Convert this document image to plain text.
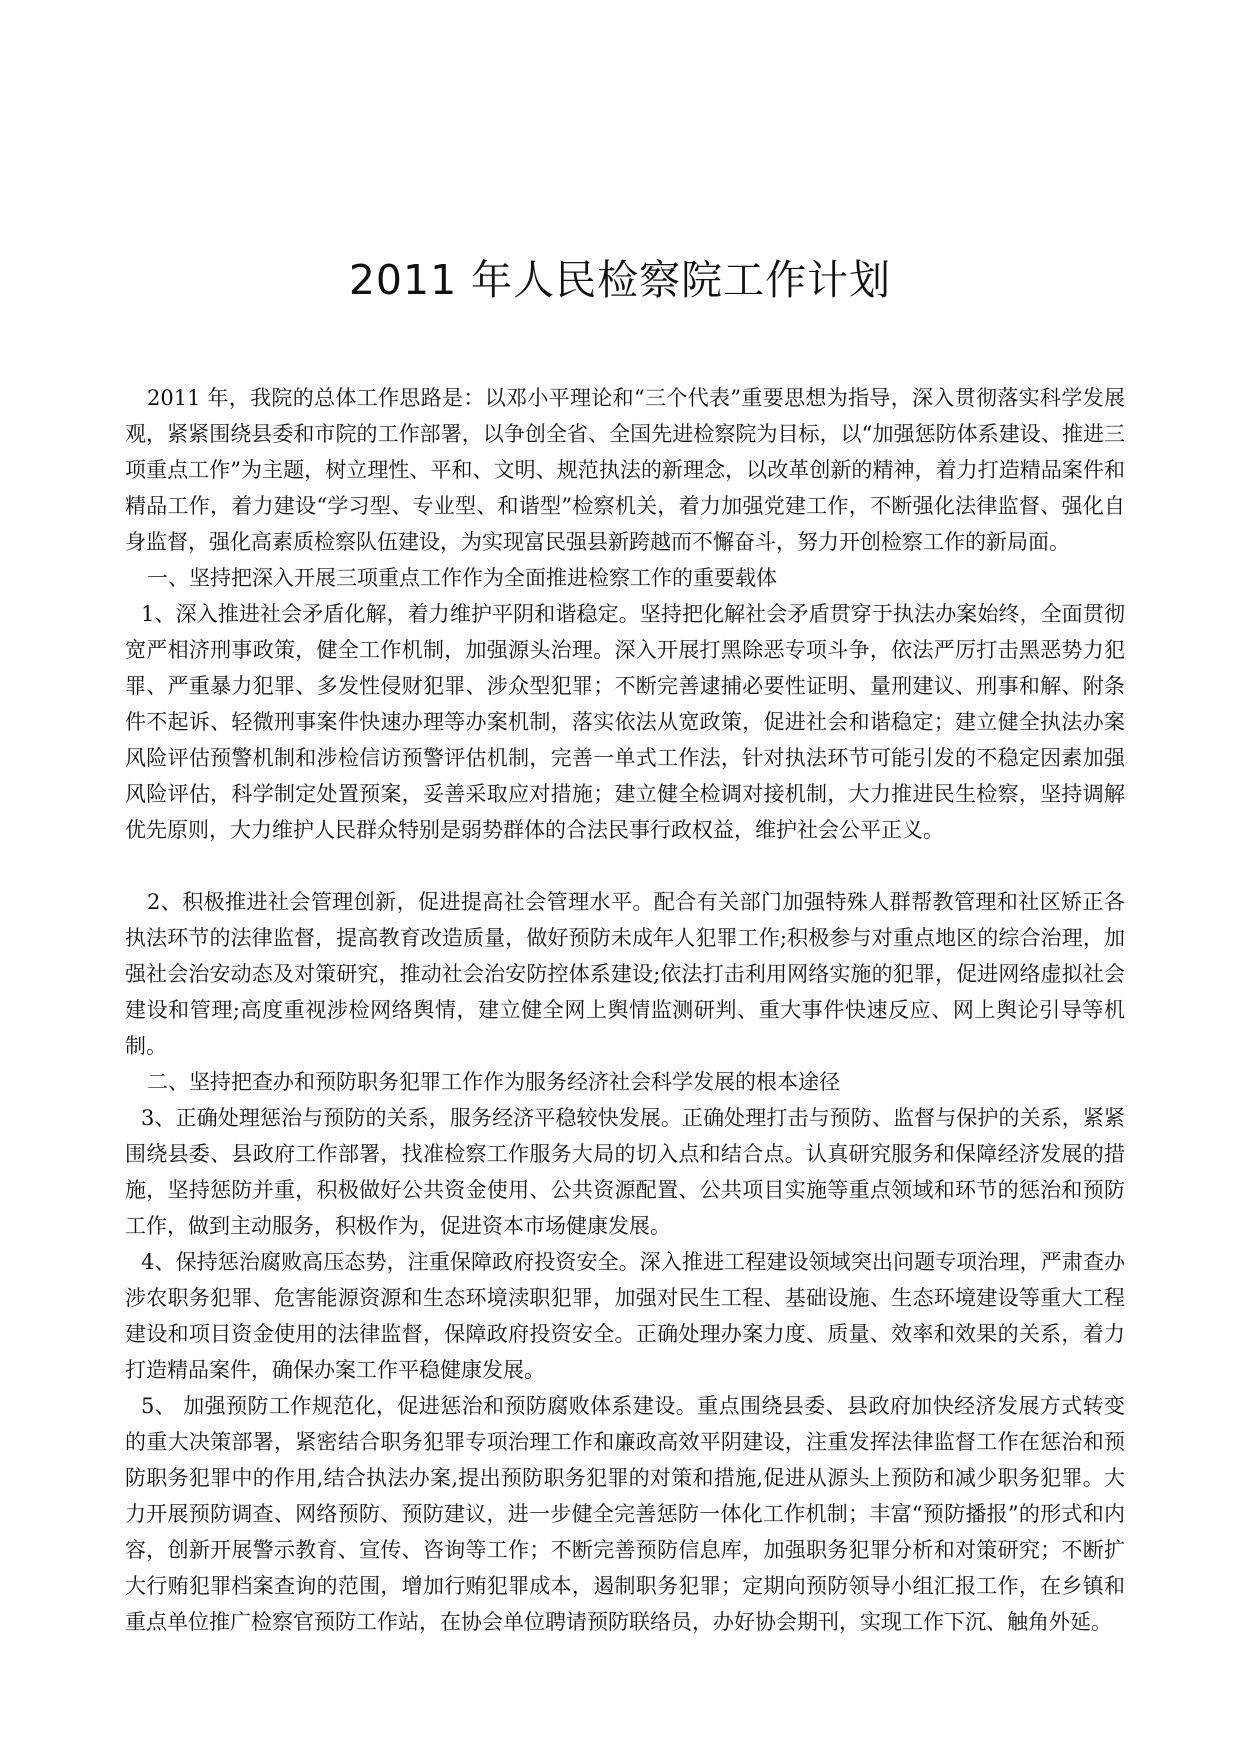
2011 年人民检察院工作计划

2011 年，我院的总体工作思路是：以邓小平理论和“三个代表”重要思想为指导，深入贯彻落实科学发展观，紧紧围绕县委和市院的工作部署，以争创全省、全国先进检察院为目标，以“加强惩防体系建设、推进三项重点工作”为主题，树立理性、平和、文明、规范执法的新理念，以改革创新的精神，着力打造精品案件和精品工作，着力建设“学习型、专业型、和谐型”检察机关，着力加强党建工作，不断强化法律监督、强化自身监督，强化高素质检察队伍建设，为实现富民强县新跨越而不懈奋斗，努力开创检察工作的新局面。

一、坚持把深入开展三项重点工作作为全面推进检察工作的重要载体

1、深入推进社会矛盾化解，着力维护平阴和谐稳定。坚持把化解社会矛盾贯穿于执法办案始终，全面贯彻宽严相济刑事政策，健全工作机制，加强源头治理。深入开展打黑除恶专项斗争，依法严厉打击黑恶势力犯罪、严重暴力犯罪、多发性侵财犯罪、涉众型犯罪；不断完善逮捕必要性证明、量刑建议、刑事和解、附条件不起诉、轻微刑事案件快速办理等办案机制，落实依法从宽政策，促进社会和谐稳定；建立健全执法办案风险评估预警机制和涉检信访预警评估机制，完善一单式工作法，针对执法环节可能引发的不稳定因素加强风险评估，科学制定处置预案，妥善采取应对措施；建立健全检调对接机制，大力推进民生检察，坚持调解优先原则，大力维护人民群众特别是弱势群体的合法民事行政权益，维护社会公平正义。

2、积极推进社会管理创新，促进提高社会管理水平。配合有关部门加强特殊人群帮教管理和社区矫正各执法环节的法律监督，提高教育改造质量，做好预防未成年人犯罪工作;积极参与对重点地区的综合治理，加强社会治安动态及对策研究，推动社会治安防控体系建设;依法打击利用网络实施的犯罪，促进网络虚拟社会建设和管理;高度重视涉检网络舆情，建立健全网上舆情监测研判、重大事件快速反应、网上舆论引导等机制。

二、坚持把查办和预防职务犯罪工作作为服务经济社会科学发展的根本途径

3、正确处理惩治与预防的关系，服务经济平稳较快发展。正确处理打击与预防、监督与保护的关系，紧紧围绕县委、县政府工作部署，找准检察工作服务大局的切入点和结合点。认真研究服务和保障经济发展的措施，坚持惩防并重，积极做好公共资金使用、公共资源配置、公共项目实施等重点领域和环节的惩治和预防工作，做到主动服务，积极作为，促进资本市场健康发展。

4、保持惩治腐败高压态势，注重保障政府投资安全。深入推进工程建设领域突出问题专项治理，严肃查办涉农职务犯罪、危害能源资源和生态环境渎职犯罪，加强对民生工程、基础设施、生态环境建设等重大工程建设和项目资金使用的法律监督，保障政府投资安全。正确处理办案力度、质量、效率和效果的关系，着力打造精品案件，确保办案工作平稳健康发展。

5、 加强预防工作规范化，促进惩治和预防腐败体系建设。重点围绕县委、县政府加快经济发展方式转变的重大决策部署，紧密结合职务犯罪专项治理工作和廉政高效平阴建设，注重发挥法律监督工作在惩治和预防职务犯罪中的作用,结合执法办案,提出预防职务犯罪的对策和措施,促进从源头上预防和减少职务犯罪。大力开展预防调查、网络预防、预防建议，进一步健全完善惩防一体化工作机制；丰富“预防播报”的形式和内容，创新开展警示教育、宣传、咨询等工作；不断完善预防信息库，加强职务犯罪分析和对策研究；不断扩大行贿犯罪档案查询的范围，增加行贿犯罪成本，遏制职务犯罪；定期向预防领导小组汇报工作，在乡镇和重点单位推广检察官预防工作站，在协会单位聘请预防联络员，办好协会期刊，实现工作下沉、触角外延。
